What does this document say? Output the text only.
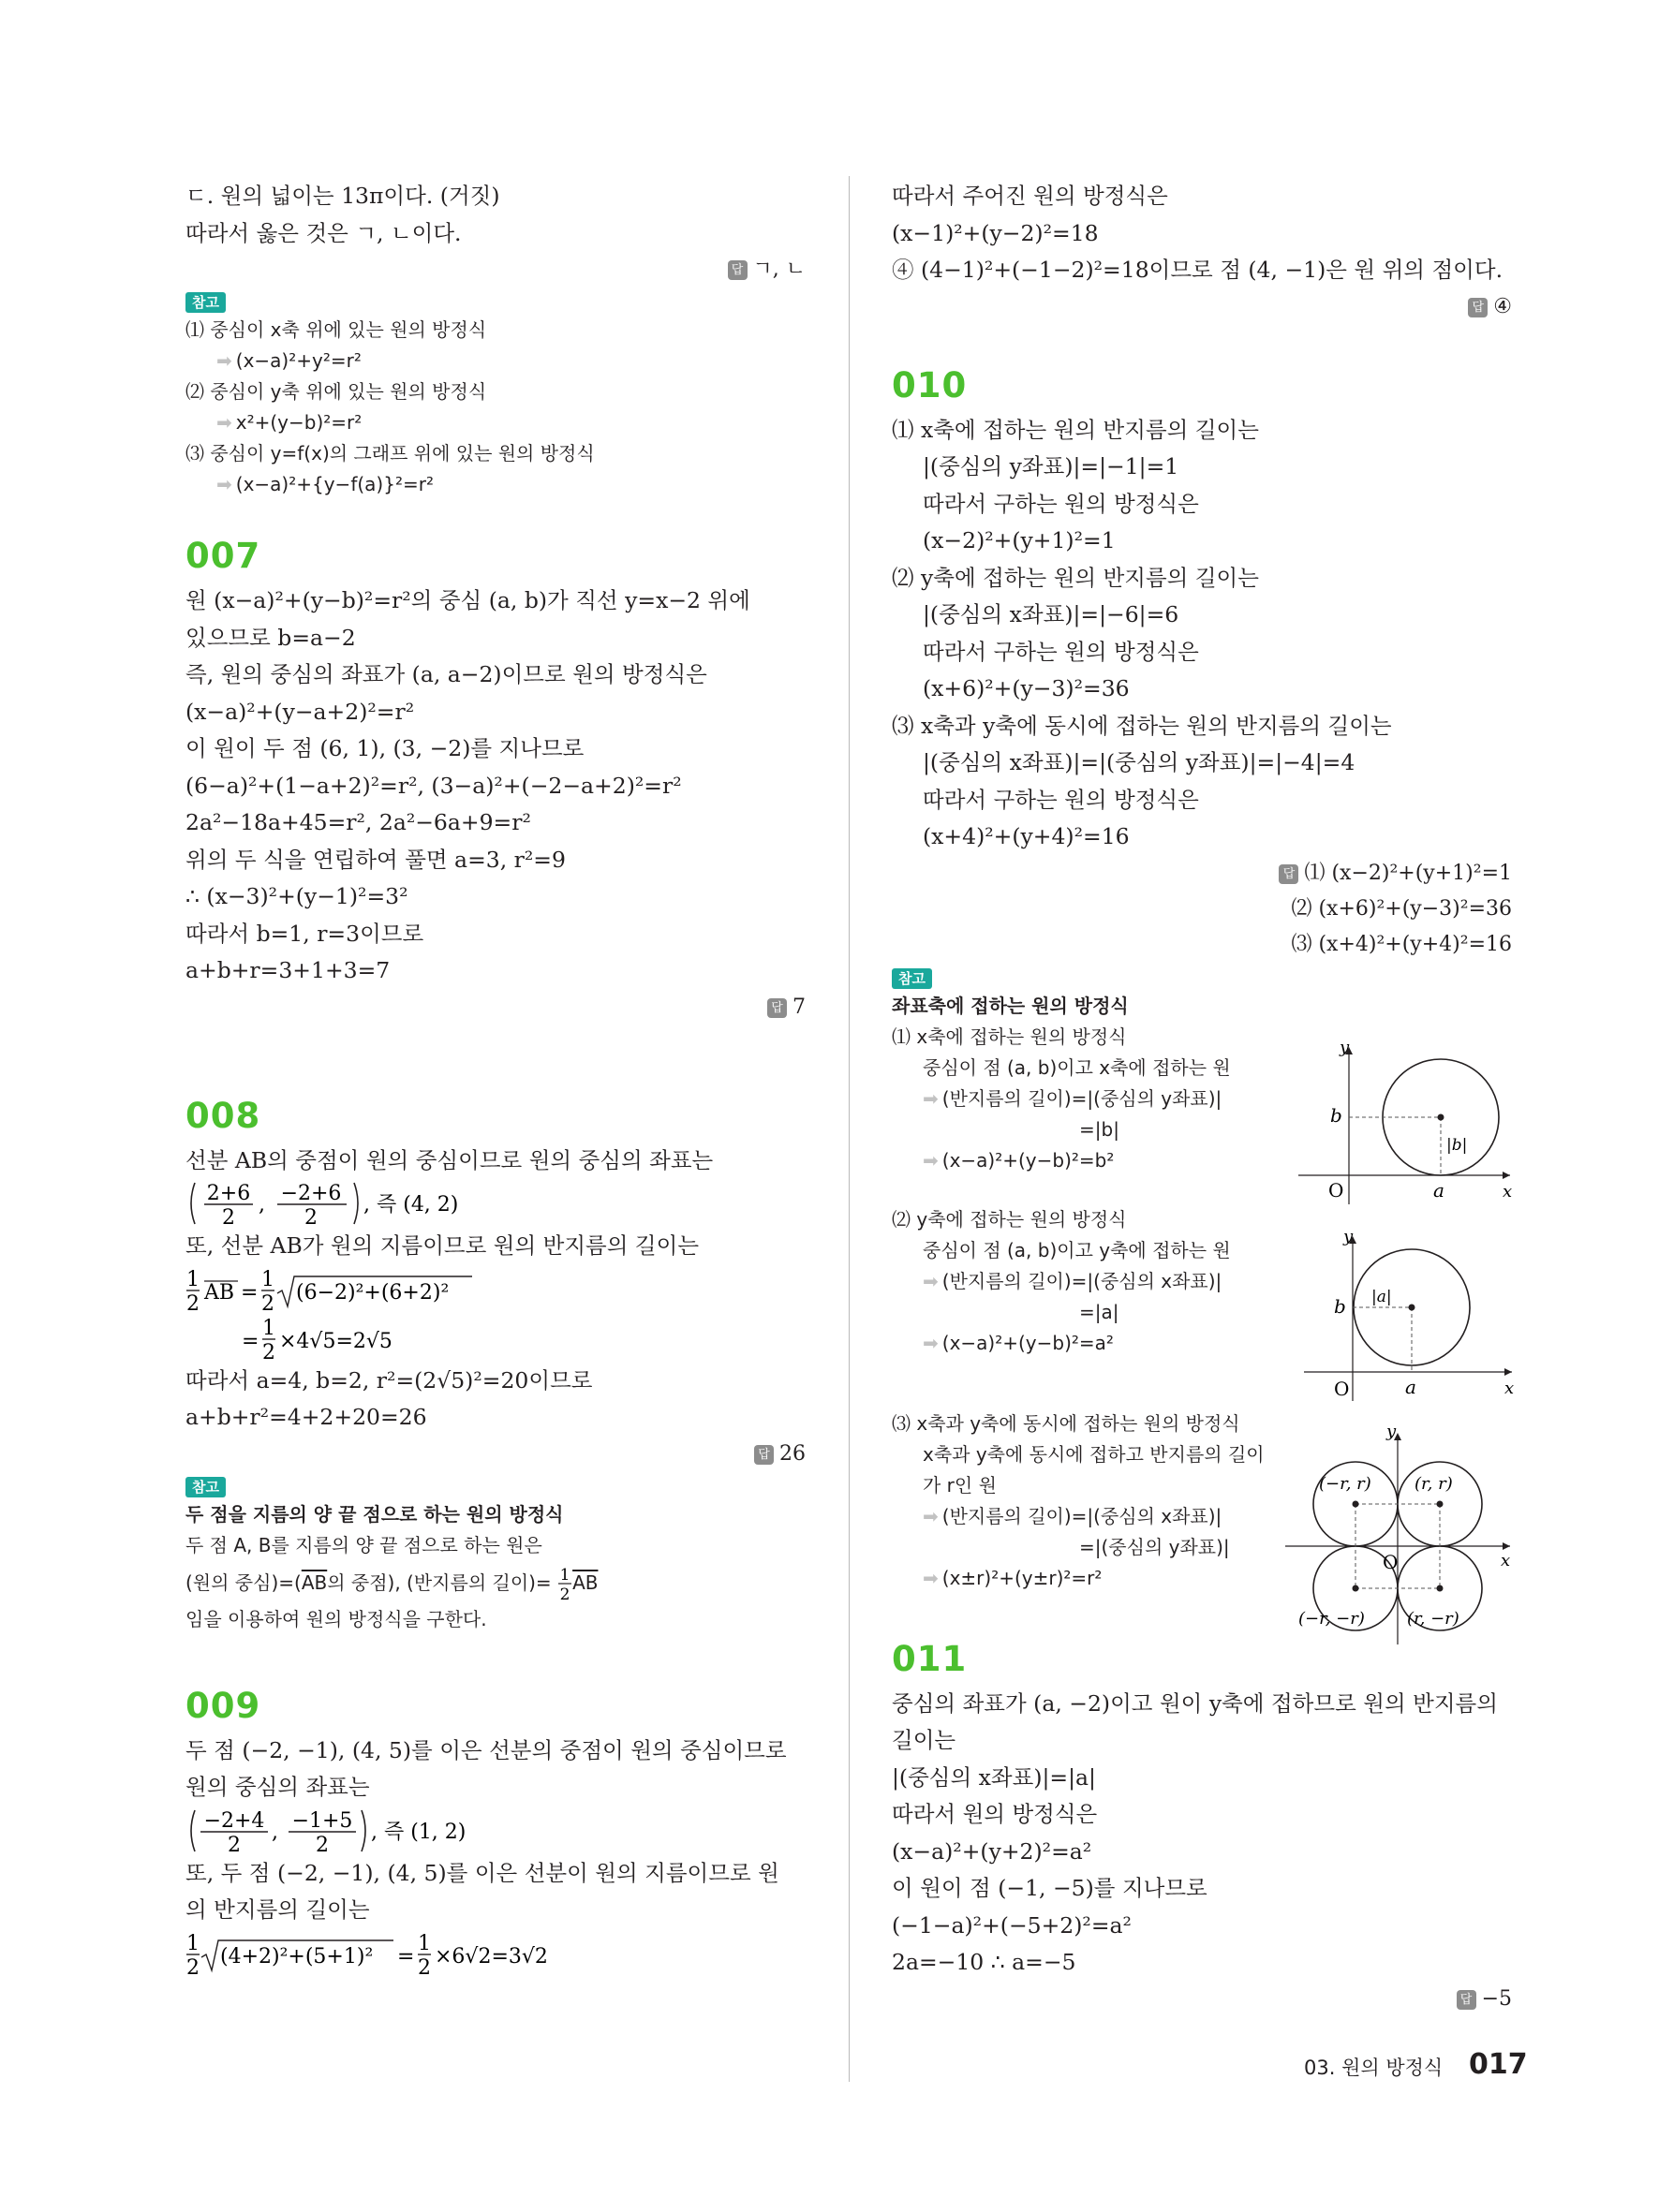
ㄷ. 원의 넓이는 13π이다. (거짓)
따라서 옳은 것은 ㄱ, ㄴ이다.
답 ㄱ, ㄴ
참고
⑴ 중심이 x축 위에 있는 원의 방정식
➡ (x−a)²+y²=r²
⑵ 중심이 y축 위에 있는 원의 방정식
➡ x²+(y−b)²=r²
⑶ 중심이 y=f(x)의 그래프 위에 있는 원의 방정식
➡ (x−a)²+{y−f(a)}²=r²
007
원 (x−a)²+(y−b)²=r²의 중심 (a, b)가 직선 y=x−2 위에
있으므로 b=a−2
즉, 원의 중심의 좌표가 (a, a−2)이므로 원의 방정식은
(x−a)²+(y−a+2)²=r²
이 원이 두 점 (6, 1), (3, −2)를 지나므로
(6−a)²+(1−a+2)²=r², (3−a)²+(−2−a+2)²=r²
2a²−18a+45=r², 2a²−6a+9=r²
위의 두 식을 연립하여 풀면 a=3, r²=9
∴ (x−3)²+(y−1)²=3²
따라서 b=1, r=3이므로
a+b+r=3+1+3=7
답 7
008
선분 AB의 중점이 원의 중심이므로 원의 중심의 좌표는
2+6
2
, −2+6
2
, 즉 (4, 2)
또, 선분 AB가 원의 지름이므로 원의 반지름의 길이는
1
2 AB =
1
2 (6−2)²+(6+2)²
=
1
2 ×4√5=2√5
따라서 a=4, b=2, r²=(2√5)²=20이므로
a+b+r²=4+2+20=26
답 26
참고
두 점을 지름의 양 끝 점으로 하는 원의 방정식
두 점 A, B를 지름의 양 끝 점으로 하는 원은
(원의 중심)$=(\overline{AB}$의 중점), (반지름의 길이)= 1
2
$\overline{AB}$
임을 이용하여 원의 방정식을 구한다.
009
두 점 (−2, −1), (4, 5)를 이은 선분의 중점이 원의 중심이므로
원의 중심의 좌표는
−2+4
2
, −1+5
2
, 즉 (1, 2)
또, 두 점 (−2, −1), (4, 5)를 이은 선분이 원의 지름이므로 원
의 반지름의 길이는
1
2 (4+2)²+(5+1)² =
1
2 ×6√2=3√2
따라서 주어진 원의 방정식은
(x−1)²+(y−2)²=18
④ (4−1)²+(−1−2)²=18이므로 점 (4, −1)은 원 위의 점이다.
답 ④
010
⑴ x축에 접하는 원의 반지름의 길이는
|(중심의 y좌표)|=|−1|=1
따라서 구하는 원의 방정식은
(x−2)²+(y+1)²=1
⑵ y축에 접하는 원의 반지름의 길이는
|(중심의 x좌표)|=|−6|=6
따라서 구하는 원의 방정식은
(x+6)²+(y−3)²=36
⑶ x축과 y축에 동시에 접하는 원의 반지름의 길이는
|(중심의 x좌표)|=|(중심의 y좌표)|=|−4|=4
따라서 구하는 원의 방정식은
(x+4)²+(y+4)²=16
답 ⑴ (x−2)²+(y+1)²=1
⑵ (x+6)²+(y−3)²=36
⑶ (x+4)²+(y+4)²=16
참고
좌표축에 접하는 원의 방정식
⑴ x축에 접하는 원의 방정식
중심이 점 (a, b)이고 x축에 접하는 원
➡ (반지름의 길이)=|(중심의 y좌표)|
=|b|
➡ (x−a)²+(y−b)²=b²
⑵ y축에 접하는 원의 방정식
중심이 점 (a, b)이고 y축에 접하는 원
➡ (반지름의 길이)=|(중심의 x좌표)|
=|a|
➡ (x−a)²+(y−b)²=a²
⑶ x축과 y축에 동시에 접하는 원의 방정식
x축과 y축에 동시에 접하고 반지름의 길이
가 r인 원
➡ (반지름의 길이)=|(중심의 x좌표)|
=|(중심의 y좌표)|
➡ (x±r)²+(y±r)²=r²
011
중심의 좌표가 (a, −2)이고 원이 y축에 접하므로 원의 반지름의
길이는
|(중심의 x좌표)|=|a|
따라서 원의 방정식은
(x−a)²+(y+2)²=a²
이 원이 점 (−1, −5)를 지나므로
(−1−a)²+(−5+2)²=a²
2a=−10 ∴ a=−5
답 −5
y
x
O
b
a
|b|
y
x
O
b
a
|a|
y
x
O
(r, r)
(−r, r)
(−r, −r)	(r, −r)
03. 원의 방정식 017
